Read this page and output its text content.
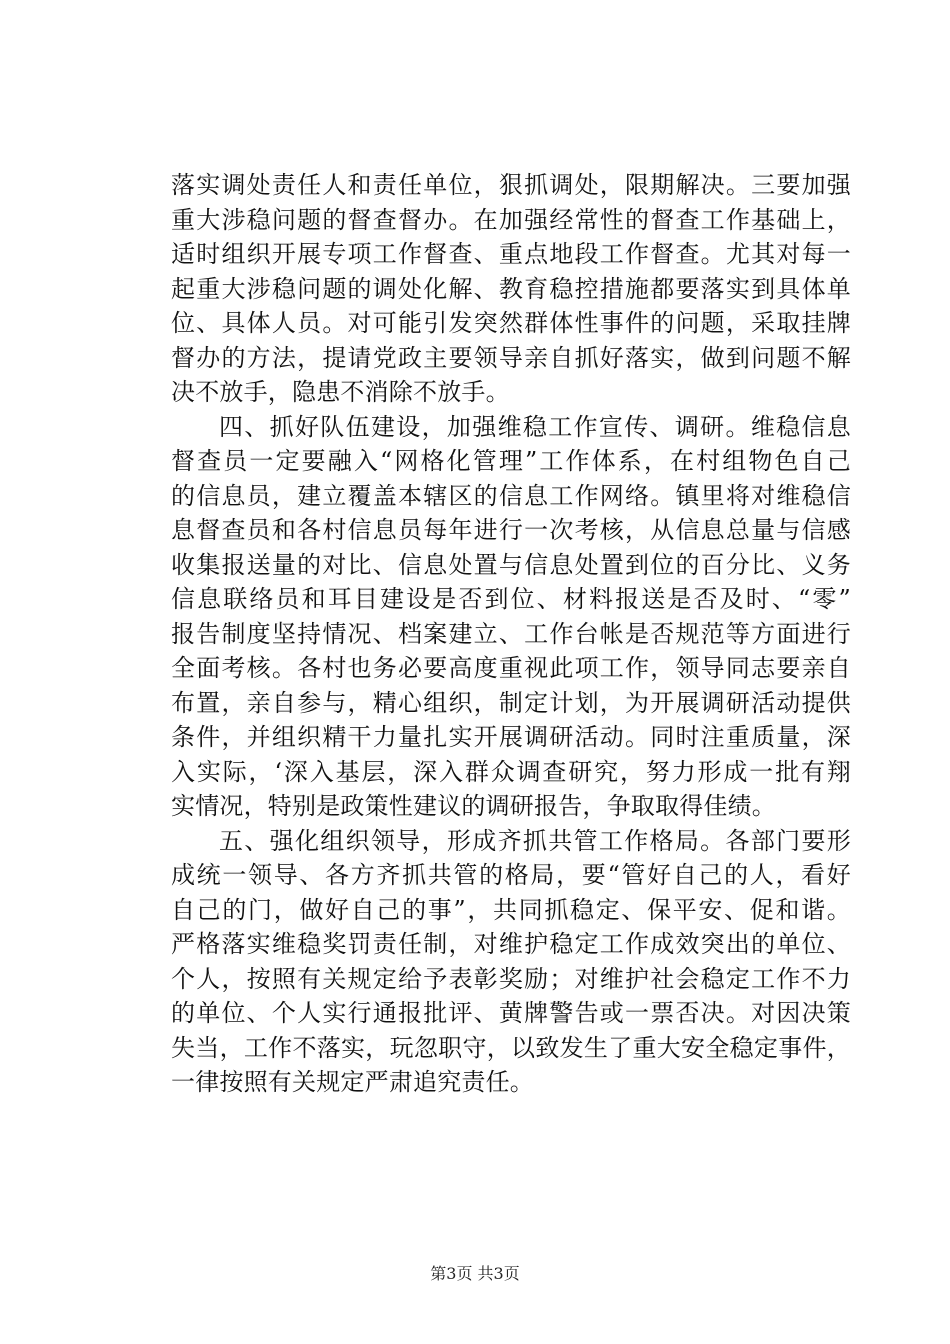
落实调处责任人和责任单位，狠抓调处，限期解决。三要加强
重大涉稳问题的督查督办。在加强经常性的督查工作基础上，
适时组织开展专项工作督查、重点地段工作督查。尤其对每一
起重大涉稳问题的调处化解、教育稳控措施都要落实到具体单
位、具体人员。对可能引发突然群体性事件的问题，采取挂牌
督办的方法，提请党政主要领导亲自抓好落实，做到问题不解
决不放手，隐患不消除不放手。
四、抓好队伍建设，加强维稳工作宣传、调研。维稳信息
督查员一定要融入“网格化管理”工作体系，在村组物色自己
的信息员，建立覆盖本辖区的信息工作网络。镇里将对维稳信
息督查员和各村信息员每年进行一次考核，从信息总量与信感
收集报送量的对比、信息处置与信息处置到位的百分比、义务
信息联络员和耳目建设是否到位、材料报送是否及时、“零”
报告制度坚持情况、档案建立、工作台帐是否规范等方面进行
全面考核。各村也务必要高度重视此项工作，领导同志要亲自
布置，亲自参与，精心组织，制定计划，为开展调研活动提供
条件，并组织精干力量扎实开展调研活动。同时注重质量，深
入实际，‘深入基层，深入群众调查研究，努力形成一批有翔
实情况，特别是政策性建议的调研报告，争取取得佳绩。
五、强化组织领导，形成齐抓共管工作格局。各部门要形
成统一领导、各方齐抓共管的格局，要“管好自己的人，看好
自己的门，做好自己的事”，共同抓稳定、保平安、促和谐。
严格落实维稳奖罚责任制，对维护稳定工作成效突出的单位、
个人，按照有关规定给予表彰奖励；对维护社会稳定工作不力
的单位、个人实行通报批评、黄牌警告或一票否决。对因决策
失当，工作不落实，玩忽职守，以致发生了重大安全稳定事件，
一律按照有关规定严肃追究责任。
第3页 共3页
